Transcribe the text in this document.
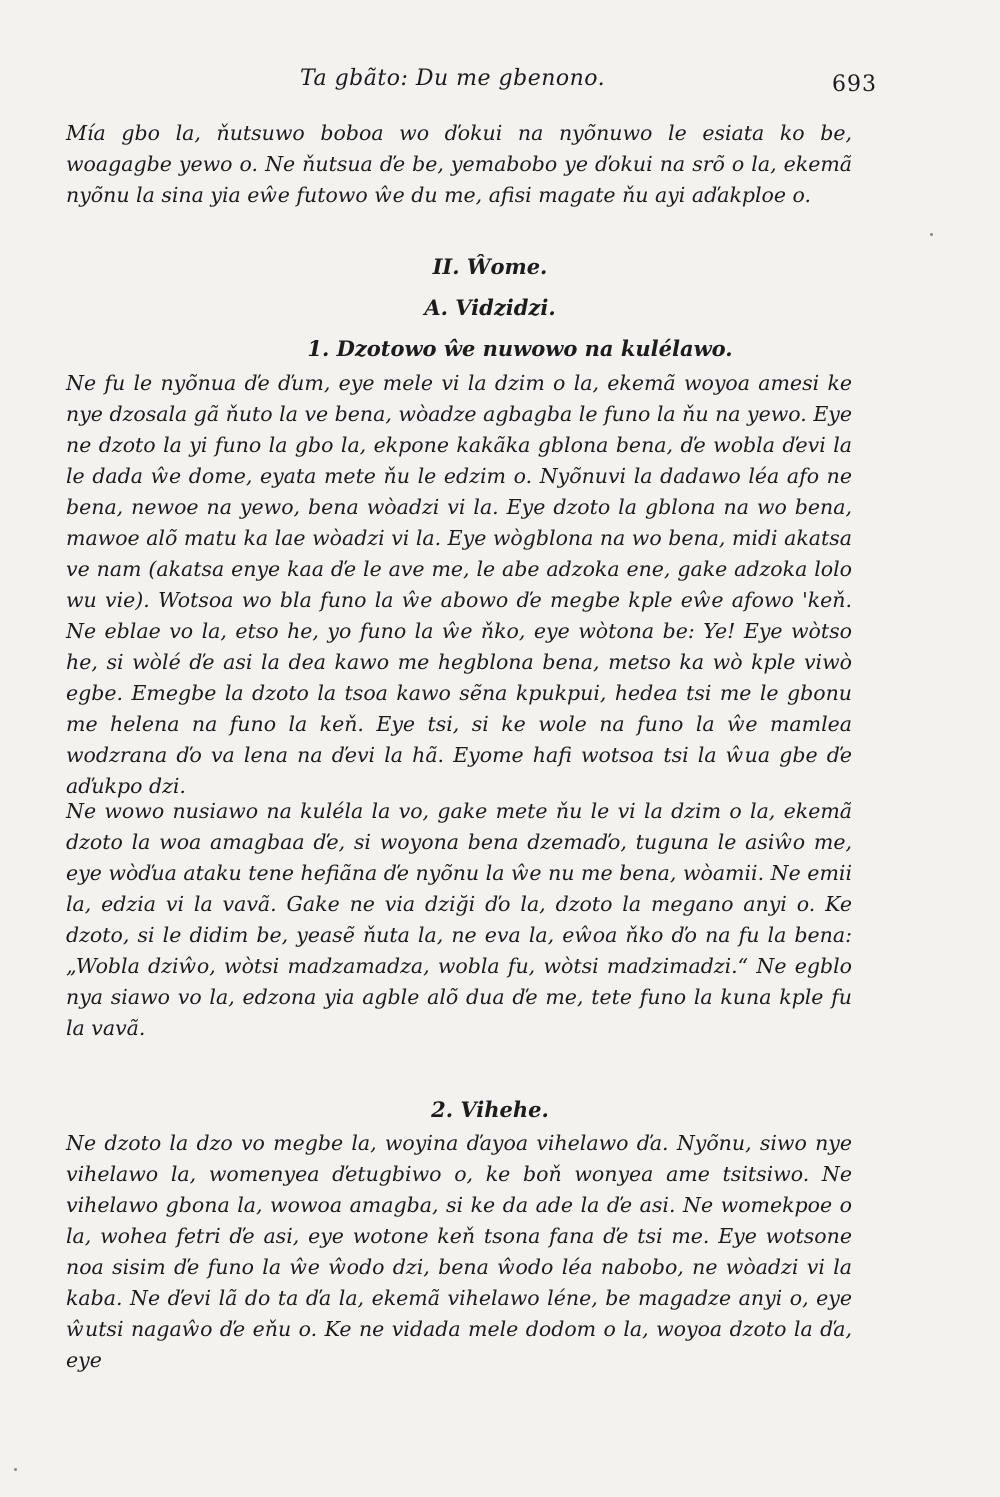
Ta gbãto: Du me gbenono.	693

Mía gbo la, ňutsuwo boboa wo ďokui na nyõnuwo le esiata ko be, woagagbe yewo o. Ne ňutsua ďe be, yemabobo ye ďokui na srõ o la, ekemã nyõnu la sina yia eŵe futowo ŵe du me, afisi magate ňu ayi aďakploe o.

II. Ŵome.
A. Vidzidzi.
1. Dzotowo ŵe nuwowo na kulélawo.

Ne fu le nyõnua ďe ďum, eye mele vi la dzim o la, ekemã woyoa amesi ke nye dzosala gã ňuto la ve bena, wòadze agbagba le funo la ňu na yewo. Eye ne dzoto la yi funo la gbo la, ekpone kakãka gblona bena, ďe wobla ďevi la le dada ŵe dome, eyata mete ňu le edzim o. Nyõnuvi la dadawo léa afo ne bena, newoe na yewo, bena wòadzi vi la. Eye dzoto la gblona na wo bena, mawoe alõ matu ka lae wòadzi vi la. Eye wògblona na wo bena, midi akatsa ve nam (akatsa enye kaa ďe le ave me, le abe adzoka ene, gake adzoka lolo wu vie). Wotsoa wo bla funo la ŵe abowo ďe megbe kple eŵe afowo 'keň. Ne eblae vo la, etso he, yo funo la ŵe ňko, eye wòtona be: Ye! Eye wòtso he, si wòlé ďe asi la dea kawo me hegblona bena, metso ka wò kple viwò egbe. Emegbe la dzoto la tsoa kawo sẽna kpukpui, hedea tsi me le gbonu me helena na funo la keň. Eye tsi, si ke wole na funo la ŵe mamlea wodzrana ďo va lena na ďevi la hã. Eyome hafi wotsoa tsi la ŵua gbe ďe aďukpo dzi.

Ne wowo nusiawo na kuléla la vo, gake mete ňu le vi la dzim o la, ekemã dzoto la woa amagbaa ďe, si woyona bena dzemaďo, tuguna le asiŵo me, eye wòďua ataku tene hefiãna ďe nyõnu la ŵe nu me bena, wòamii. Ne emii la, edzia vi la vavã. Gake ne via dziği ďo la, dzoto la megano anyi o. Ke dzoto, si le didim be, yeasẽ ňuta la, ne eva la, eŵoa ňko ďo na fu la bena: „Wobla dziŵo, wòtsi madzamadza, wobla fu, wòtsi madzimadzi.“ Ne egblo nya siawo vo la, edzona yia agble alõ dua ďe me, tete funo la kuna kple fu la vavã.

2. Vihehe.

Ne dzoto la dzo vo megbe la, woyina ďayoa vihelawo ďa. Nyõnu, siwo nye vihelawo la, womenyea ďetugbiwo o, ke boň wonyea ame tsitsiwo. Ne vihelawo gbona la, wowoa amagba, si ke da ade la ďe asi. Ne womekpoe o la, wohea fetri ďe asi, eye wotone keň tsona fana ďe tsi me. Eye wotsone noa sisim ďe funo la ŵe ŵodo dzi, bena ŵodo léa nabobo, ne wòadzi vi la kaba. Ne ďevi lã do ta ďa la, ekemã vihelawo léne, be magadze anyi o, eye ŵutsi nagaŵo ďe eňu o. Ke ne vidada mele dodom o la, woyoa dzoto la ďa, eye
